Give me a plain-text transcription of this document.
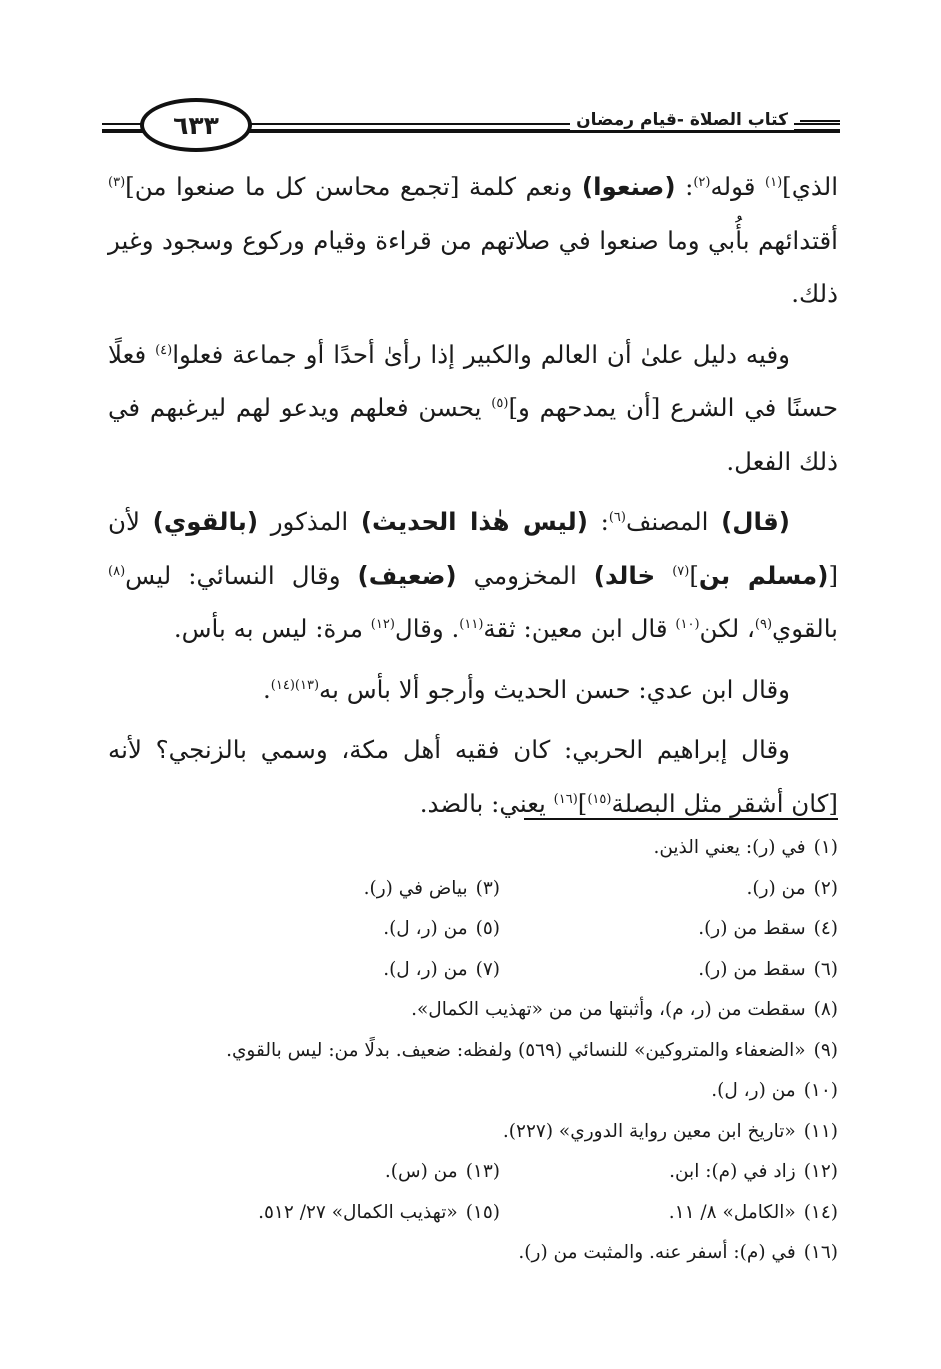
كتاب الصلاة -قيام رمضان
٦٣٣

الذي]$^{(١)}$ قوله$^{(٢)}$: (صنعوا) ونعم كلمة [تجمع محاسن كل ما صنعوا من]$^{(٣)}$ أقتدائهم بأُبي وما صنعوا في صلاتهم من قراءة وقيام وركوع وسجود وغير ذلك.

وفيه دليل علىٰ أن العالم والكبير إذا رأىٰ أحدًا أو جماعة فعلوا$^{(٤)}$ فعلًا حسنًا في الشرع [أن يمدحهم و]$^{(٥)}$ يحسن فعلهم ويدعو لهم ليرغبهم في ذلك الفعل.

(قال) المصنف$^{(٦)}$: (ليس هٰذا الحديث) المذكور (بالقوي) لأن [(مسلم بن]$^{(٧)}$ خالد) المخزومي (ضعيف) وقال النسائي: ليس$^{(٨)}$ بالقوي$^{(٩)}$، لكن$^{(١٠)}$ قال ابن معين: ثقة$^{(١١)}$. وقال$^{(١٢)}$ مرة: ليس به بأس.

وقال ابن عدي: حسن الحديث وأرجو ألا بأس به$^{(١٣)(١٤)}$.

وقال إبراهيم الحربي: كان فقيه أهل مكة، وسمي بالزنجي؟ لأنه [كان أشقر مثل البصلة$^{(١٥)}$]$^{(١٦)}$ يعني: بالضد.

(١)في (ر): يعني الذين.
(٢)من (ر).
(٣)بياض في (ر).
(٤)سقط من (ر).
(٥)من (ر، ل).
(٦)سقط من (ر).
(٧)من (ر، ل).
(٨)سقطت من (ر، م)، وأثبتها من من «تهذيب الكمال».
(٩)«الضعفاء والمتروكين» للنسائي (٥٦٩) ولفظه: ضعيف. بدلًا من: ليس بالقوي.
(١٠)من (ر، ل).
(١١)«تاريخ ابن معين رواية الدوري» (٢٢٧).
(١٢)زاد في (م): ابن.
(١٣)من (س).
(١٤)«الكامل» ٨/ ١١.
(١٥)«تهذيب الكمال» ٢٧/ ٥١٢.
(١٦)في (م): أسفر عنه. والمثبت من (ر).
